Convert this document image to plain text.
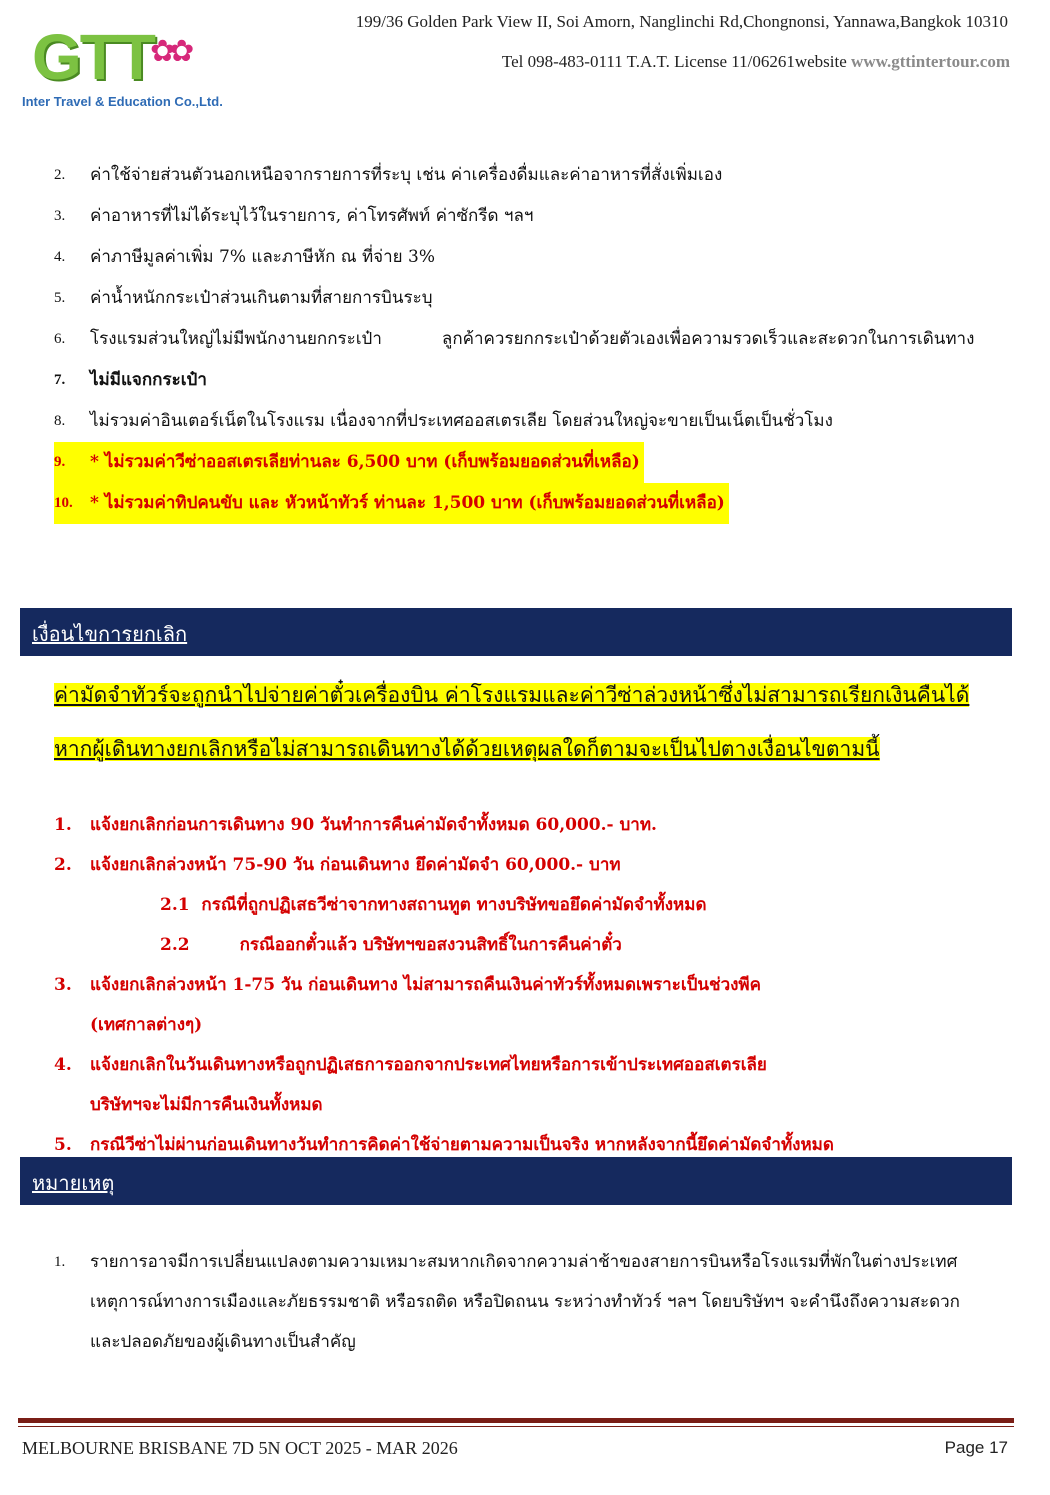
GTT
✿✿
Inter Travel & Education Co.,Ltd.
199/36 Golden Park View II, Soi Amorn, Nanglinchi Rd,Chongnonsi, Yannawa,Bangkok 10310
Tel 098-483-0111 T.A.T. License 11/06261website www.gttintertour.com
2. ค่าใช้จ่ายส่วนตัวนอกเหนือจากรายการที่ระบุ เช่น ค่าเครื่องดื่มและค่าอาหารที่สั่งเพิ่มเอง
3. ค่าอาหารที่ไม่ได้ระบุไว้ในรายการ, ค่าโทรศัพท์ ค่าซักรีด ฯลฯ
4. ค่าภาษีมูลค่าเพิ่ม 7% และภาษีหัก ณ ที่จ่าย 3%
5. ค่าน้ำหนักกระเป๋าส่วนเกินตามที่สายการบินระบุ
6. โรงแรมส่วนใหญ่ไม่มีพนักงานยกกระเป๋า	ลูกค้าควรยกกระเป๋าด้วยตัวเองเพื่อความรวดเร็วและสะดวกในการเดินทาง
7. ไม่มีแจกกระเป๋า
8. ไม่รวมค่าอินเตอร์เน็ตในโรงแรม เนื่องจากที่ประเทศออสเตรเลีย โดยส่วนใหญ่จะขายเป็นเน็ตเป็นชั่วโมง
9. * ไม่รวมค่าวีซ่าออสเตรเลียท่านละ 6,500 บาท (เก็บพร้อมยอดส่วนที่เหลือ)
10. * ไม่รวมค่าทิปคนขับ และ หัวหน้าทัวร์ ท่านละ 1,500 บาท (เก็บพร้อมยอดส่วนที่เหลือ)
เงื่อนไขการยกเลิก
ค่ามัดจำทัวร์จะถูกนำไปจ่ายค่าตั๋วเครื่องบิน ค่าโรงแรมและค่าวีซ่าล่วงหน้าซึ่งไม่สามารถเรียกเงินคืนได้
หากผู้เดินทางยกเลิกหรือไม่สามารถเดินทางได้ด้วยเหตุผลใดก็ตามจะเป็นไปตางเงื่อนไขตามนี้
1. แจ้งยกเลิกก่อนการเดินทาง 90 วันทำการคืนค่ามัดจำทั้งหมด 60,000.- บาท.
2. แจ้งยกเลิกล่วงหน้า 75-90 วัน ก่อนเดินทาง ยึดค่ามัดจำ 60,000.- บาท
2.1 กรณีที่ถูกปฏิเสธวีซ่าจากทางสถานทูต ทางบริษัทขอยึดค่ามัดจำทั้งหมด
2.2	กรณีออกตั๋วแล้ว บริษัทฯขอสงวนสิทธิ์ในการคืนค่าตั๋ว
3. แจ้งยกเลิกล่วงหน้า 1-75 วัน ก่อนเดินทาง ไม่สามารถคืนเงินค่าทัวร์ทั้งหมดเพราะเป็นช่วงพีค
(เทศกาลต่างๆ)
4. แจ้งยกเลิกในวันเดินทางหรือถูกปฏิเสธการออกจากประเทศไทยหรือการเข้าประเทศออสเตรเลีย
บริษัทฯจะไม่มีการคืนเงินทั้งหมด
5. กรณีวีซ่าไม่ผ่านก่อนเดินทางวันทำการคิดค่าใช้จ่ายตามความเป็นจริง หากหลังจากนี้ยึดค่ามัดจำทั้งหมด
หมายเหตุ
1. รายการอาจมีการเปลี่ยนแปลงตามความเหมาะสมหากเกิดจากความล่าช้าของสายการบินหรือโรงแรมที่พักในต่างประเทศ
เหตุการณ์ทางการเมืองและภัยธรรมชาติ หรือรถติด หรือปิดถนน ระหว่างทำทัวร์ ฯลฯ โดยบริษัทฯ จะคำนึงถึงความสะดวก
และปลอดภัยของผู้เดินทางเป็นสำคัญ
MELBOURNE BRISBANE 7D 5N OCT 2025 - MAR 2026	Page 17
